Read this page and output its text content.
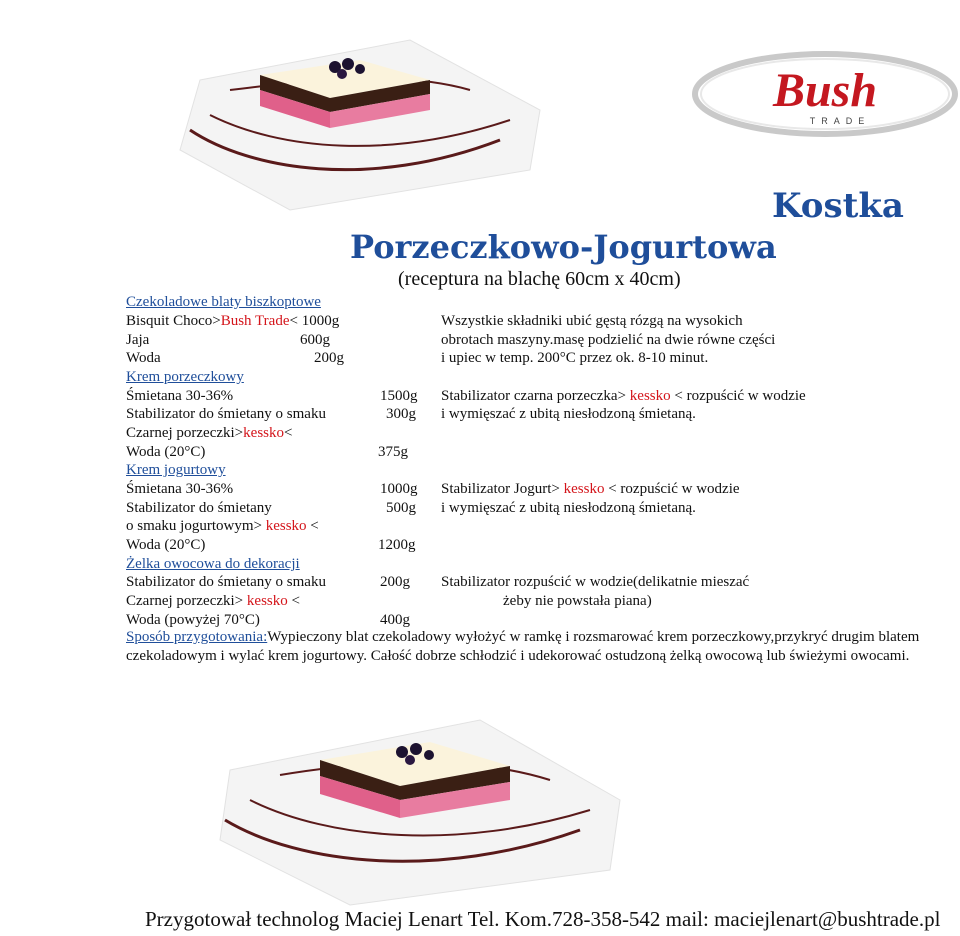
Bush
TRADE
Kostka
Porzeczkowo-Jogurtowa
(receptura na blachę 60cm x 40cm)
Czekoladowe blaty biszkoptowe
Bisquit Choco>Bush Trade< 1000g
Jaja	600g
Woda	200g
Wszystkie składniki ubić gęstą rózgą na wysokich
obrotach maszyny.masę podzielić na dwie równe części
i upiec w temp. 200°C przez ok. 8-10 minut.
Krem porzeczkowy
Śmietana 30-36%	1500g
Stabilizator do śmietany o smaku	300g
Czarnej porzeczki>kessko<
Woda (20°C)	375g
Stabilizator czarna porzeczka> kessko < rozpuścić w wodzie
i wymięszać z ubitą niesłodzoną śmietaną.
Krem jogurtowy
Śmietana 30-36%	1000g
Stabilizator do śmietany	500g
o smaku jogurtowym> kessko <
Woda (20°C)	1200g
Stabilizator Jogurt> kessko < rozpuścić w wodzie
i wymięszać z ubitą niesłodzoną śmietaną.
Żelka owocowa do dekoracji
Stabilizator do śmietany o smaku	200g
Czarnej porzeczki> kessko <
Woda (powyżej 70°C)	400g
Stabilizator rozpuścić w wodzie(delikatnie mieszać
żeby nie powstała piana)
Sposób przygotowania:Wypieczony blat czekoladowy wyłożyć w ramkę i rozsmarować krem porzeczkowy,przykryć drugim blatem czekoladowym i wylać krem jogurtowy. Całość dobrze schłodzić i udekorować ostudzoną żelką owocową lub świeżymi owocami.
Przygotował technolog Maciej Lenart Tel. Kom.728-358-542 mail: maciejlenart@bushtrade.pl
